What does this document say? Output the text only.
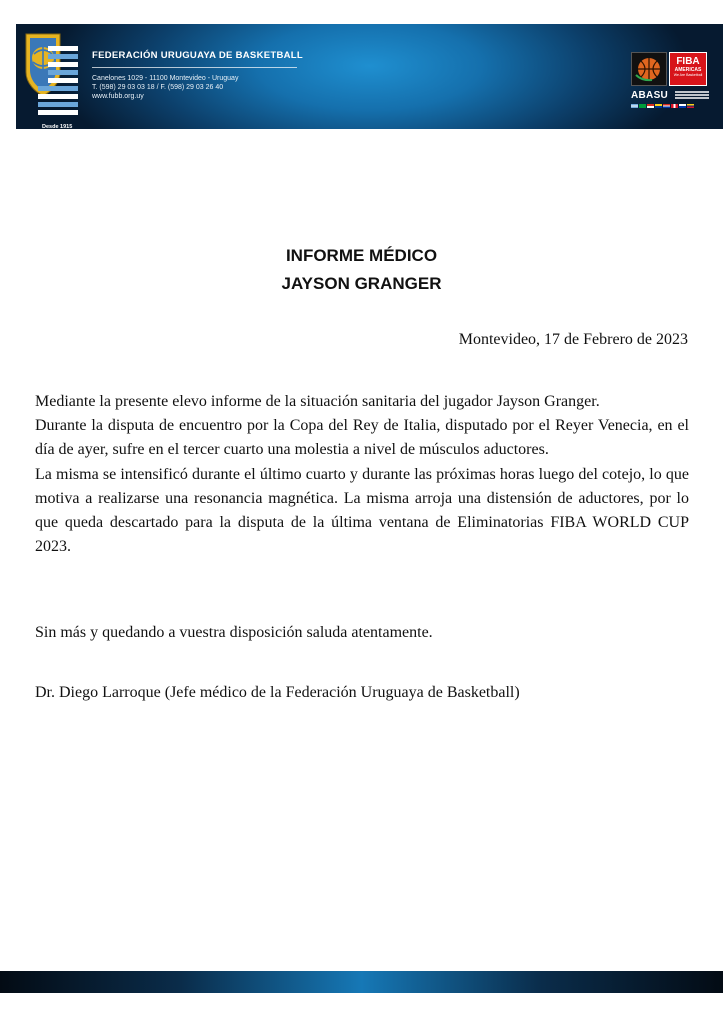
Desde 1915
FEDERACIÓN URUGUAYA DE BASKETBALL
Canelones 1029 - 11100 Montevideo - Uruguay
T. (598) 29 03 03 18 / F. (598) 29 03 26 40
www.fubb.org.uy
FIBA
AMERICAS
We Are Basketball
ABASU
INFORME MÉDICO
JAYSON GRANGER
Montevideo, 17 de Febrero de 2023

Mediante la presente elevo informe de la situación sanitaria del jugador Jayson Granger.

Durante la disputa de encuentro por la Copa del Rey de Italia, disputado por el Reyer Venecia, en el día de ayer, sufre en el tercer cuarto una molestia a nivel de músculos aductores.

La misma se intensificó durante el último cuarto y durante las próximas horas luego del cotejo, lo que motiva a realizarse una resonancia magnética. La misma arroja una distensión de aductores, por lo que queda descartado para la disputa de la última ventana de Eliminatorias FIBA WORLD CUP 2023.

Sin más y quedando a vuestra disposición saluda atentamente.
Dr. Diego Larroque (Jefe médico de la Federación Uruguaya de Basketball)
